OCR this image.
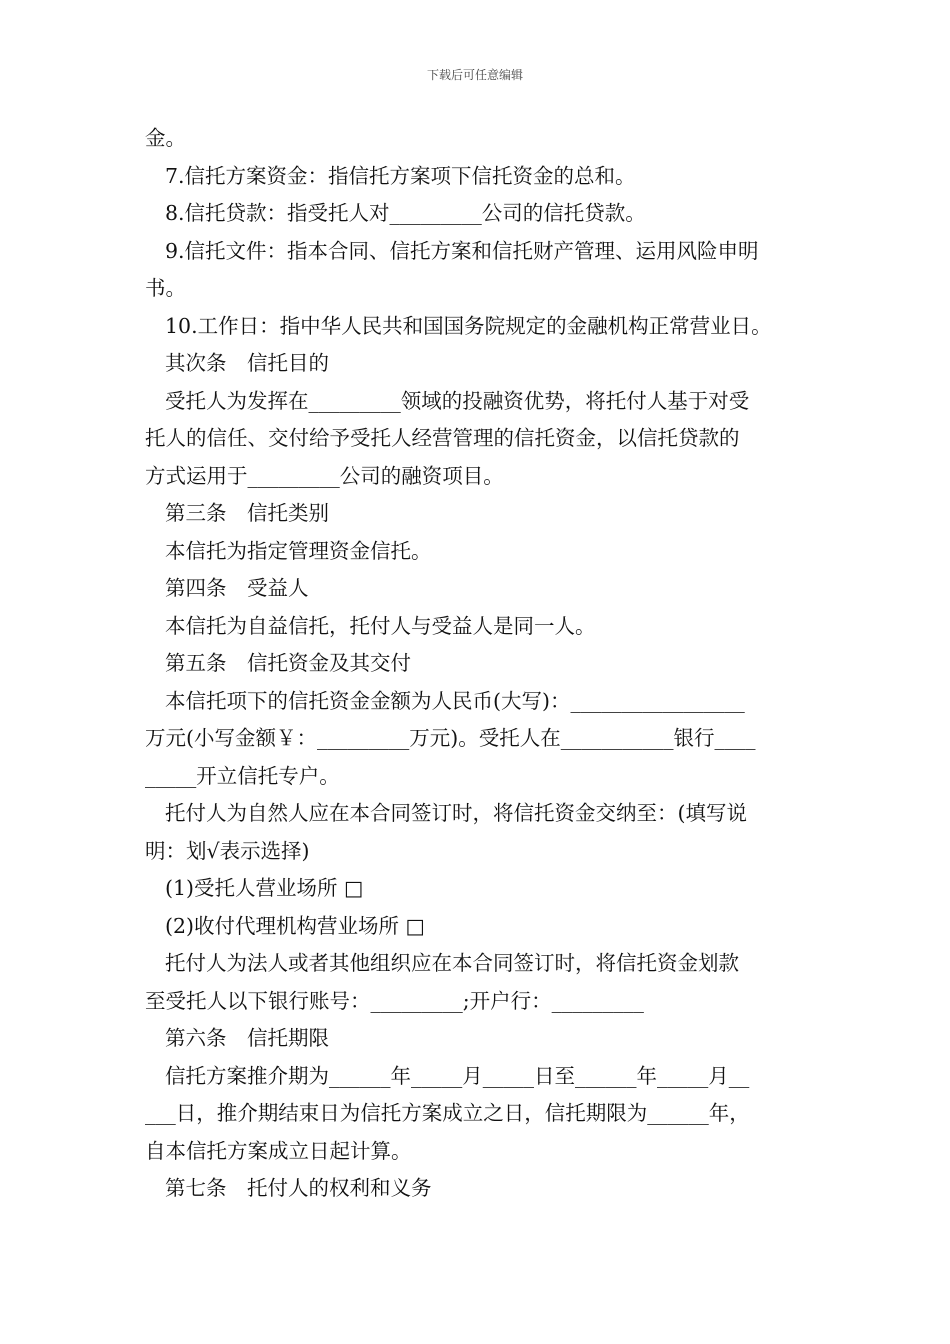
下载后可任意编辑
金。
7.信托方案资金：指信托方案项下信托资金的总和。
8.信托贷款：指受托人对_________公司的信托贷款。
9.信托文件：指本合同、信托方案和信托财产管理、运用风险申明
书。
10.工作日：指中华人民共和国国务院规定的金融机构正常营业日。
其次条　信托目的
受托人为发挥在_________领域的投融资优势，将托付人基于对受
托人的信任、交付给予受托人经营管理的信托资金，以信托贷款的
方式运用于_________公司的融资项目。
第三条　信托类别
本信托为指定管理资金信托。
第四条　受益人
本信托为自益信托，托付人与受益人是同一人。
第五条　信托资金及其交付
本信托项下的信托资金金额为人民币(大写)：_________________
万元(小写金额￥：_________万元)。受托人在___________银行____
_____开立信托专户。
托付人为自然人应在本合同签订时，将信托资金交纳至：(填写说
明：划√表示选择)
(1)受托人营业场所 □
(2)收付代理机构营业场所 □
托付人为法人或者其他组织应在本合同签订时，将信托资金划款
至受托人以下银行账号：_________;开户行：_________
第六条　信托期限
信托方案推介期为______年_____月_____日至______年_____月__
___日，推介期结束日为信托方案成立之日，信托期限为______年，
自本信托方案成立日起计算。
第七条　托付人的权利和义务
